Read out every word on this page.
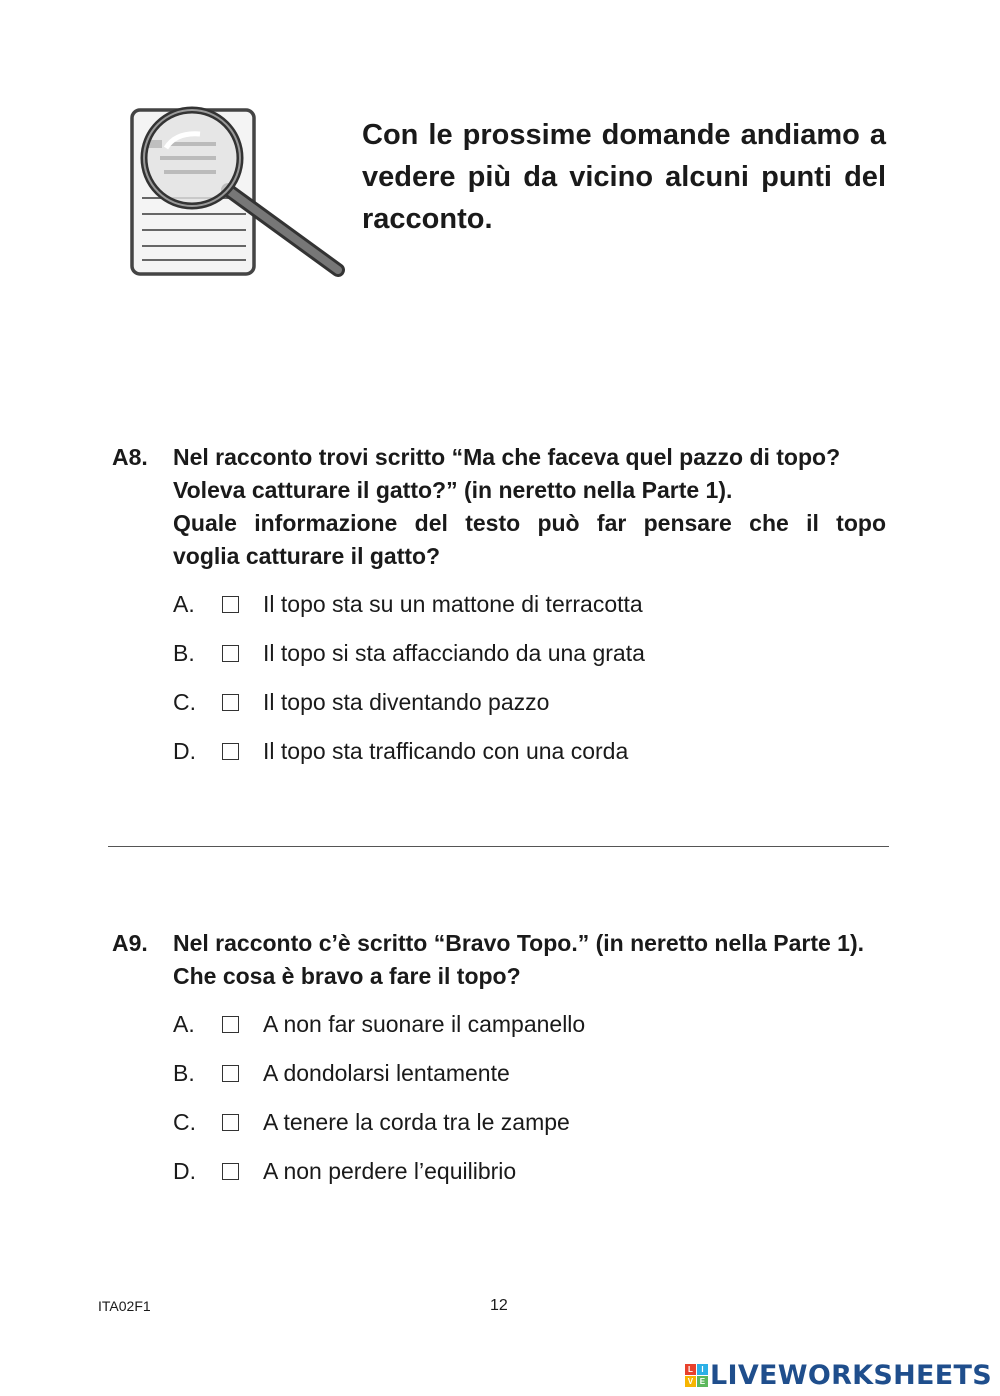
Con le prossime domande andiamo a vedere più da vicino alcuni punti del racconto.
A8. Nel racconto trovi scritto “Ma che faceva quel pazzo di topo?
Voleva catturare il gatto?” (in neretto nella Parte 1).
Quale informazione del testo può far pensare che il topo
voglia catturare il gatto?
A.	Il topo sta su un mattone di terracotta
B.	Il topo si sta affacciando da una grata
C.	Il topo sta diventando pazzo
D.	Il topo sta trafficando con una corda
A9. Nel racconto c’è scritto “Bravo Topo.” (in neretto nella Parte 1).
Che cosa è bravo a fare il topo?
A.	A non far suonare il campanello
B.	A dondolarsi lentamente
C.	A tenere la corda tra le zampe
D.	A non perdere l’equilibrio
ITA02F1	12
L	I
V E LIVEWORKSHEETS
